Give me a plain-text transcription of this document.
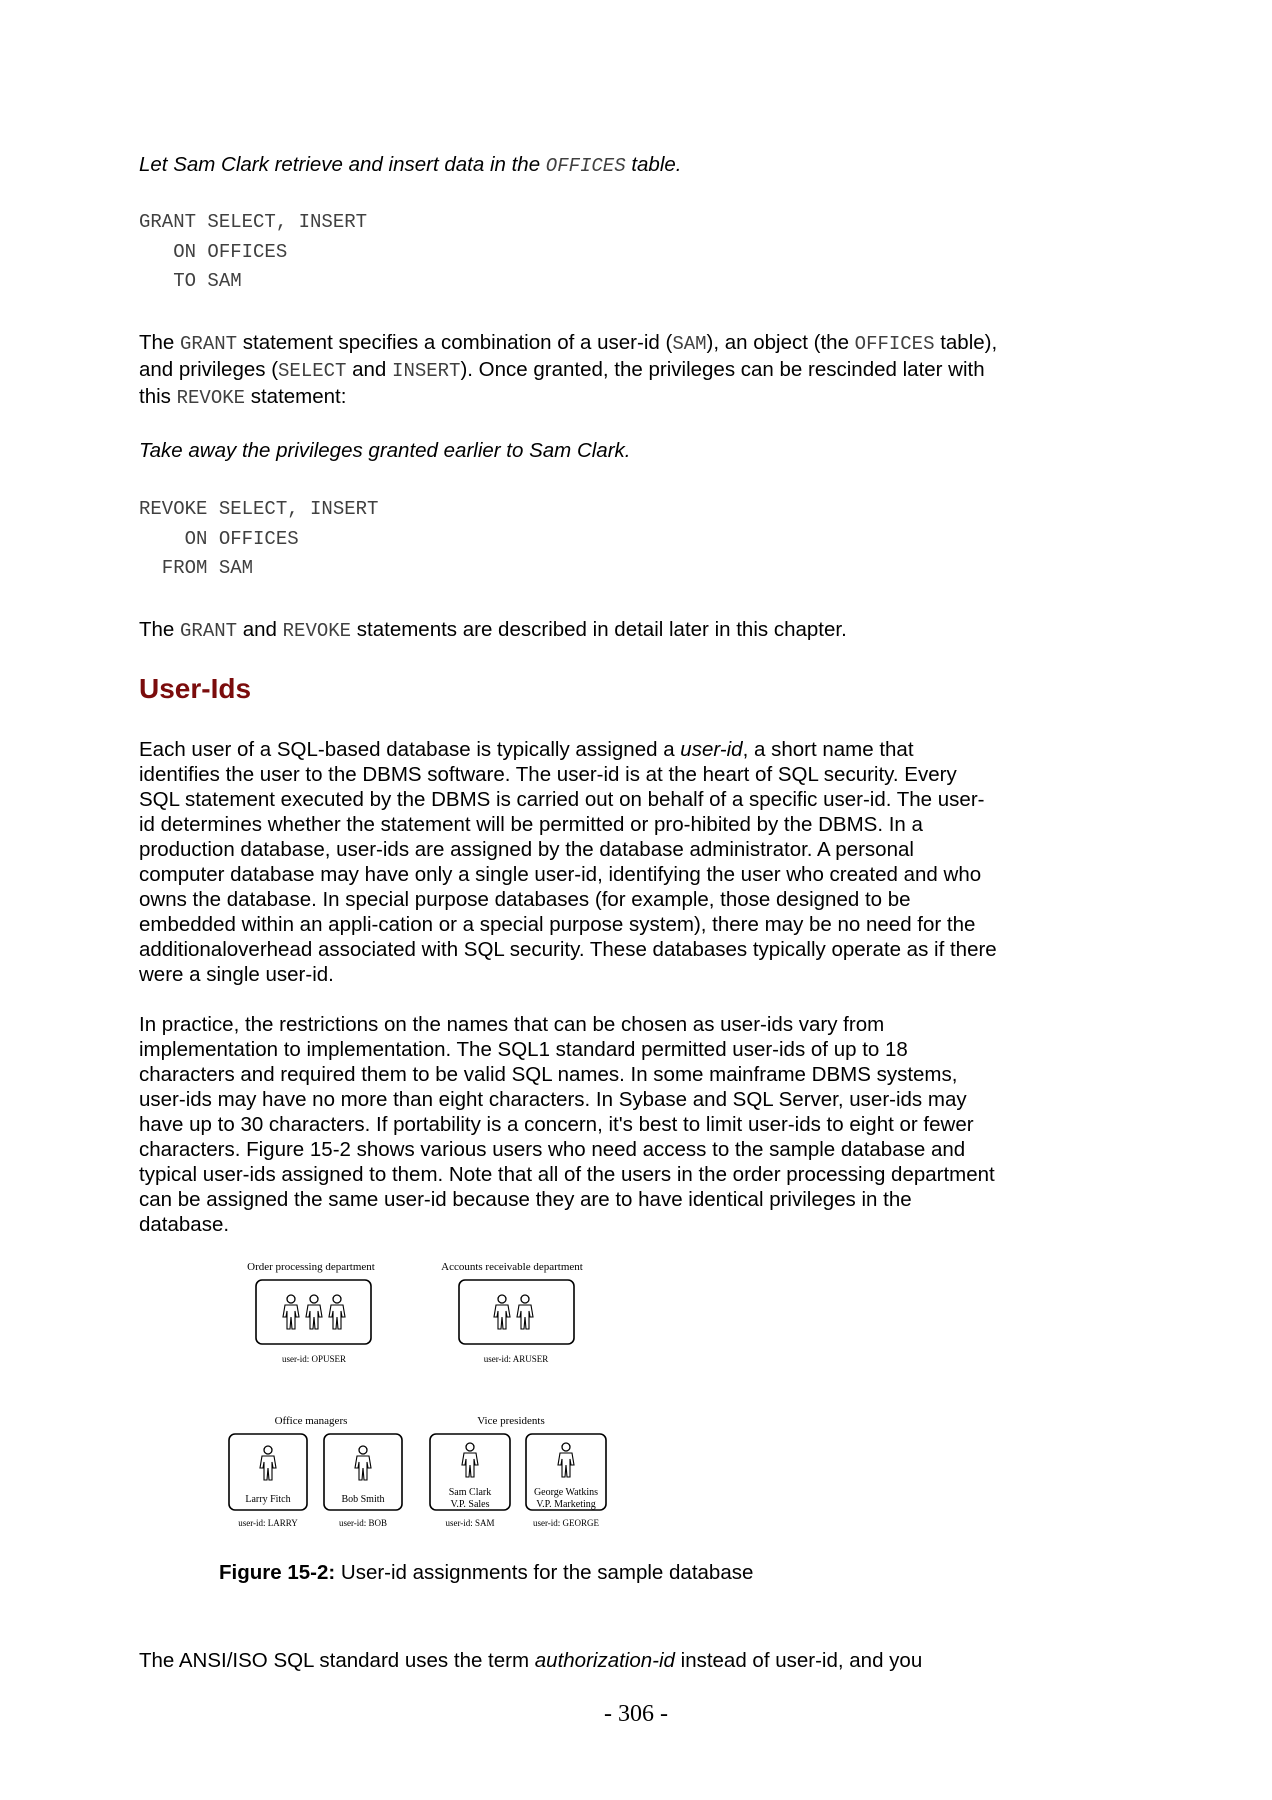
Let Sam Clark retrieve and insert data in the OFFICES table.

GRANT SELECT, INSERT
ON OFFICES
TO SAM

The GRANT statement specifies a combination of a user-id (SAM), an object (the OFFICES table), and privileges (SELECT and INSERT). Once granted, the privileges can be rescinded later with this REVOKE statement:

Take away the privileges granted earlier to Sam Clark.

REVOKE SELECT, INSERT
ON OFFICES
FROM SAM

The GRANT and REVOKE statements are described in detail later in this chapter.

User-Ids

Each user of a SQL-based database is typically assigned a user-id, a short name that identifies the user to the DBMS software. The user-id is at the heart of SQL security. Every SQL statement executed by the DBMS is carried out on behalf of a specific user-id. The user-id determines whether the statement will be permitted or pro-hibited by the DBMS. In a production database, user-ids are assigned by the database administrator. A personal computer database may have only a single user-id, identifying the user who created and who owns the database. In special purpose databases (for example, those designed to be embedded within an appli-cation or a special purpose system), there may be no need for the additionaloverhead associated with SQL security. These databases typically operate as if there were a single user-id.

In practice, the restrictions on the names that can be chosen as user-ids vary from implementation to implementation. The SQL1 standard permitted user-ids of up to 18 characters and required them to be valid SQL names. In some mainframe DBMS systems, user-ids may have no more than eight characters. In Sybase and SQL Server, user-ids may have up to 30 characters. If portability is a concern, it's best to limit user-ids to eight or fewer characters. Figure 15-2 shows various users who need access to the sample database and typical user-ids assigned to them. Note that all of the users in the order processing department can be assigned the same user-id because they are to have identical privileges in the database.

Order processing department
user-id: OPUSER
Accounts receivable department
user-id: ARUSER
Office managers
Larry Fitch
user-id: LARRY
Bob Smith
user-id: BOB
Vice presidents
Sam Clark
V.P. Sales
user-id: SAM
George Watkins
V.P. Marketing
user-id: GEORGE

Figure 15-2: User-id assignments for the sample database

The ANSI/ISO SQL standard uses the term authorization-id instead of user-id, and you

- 306 -
